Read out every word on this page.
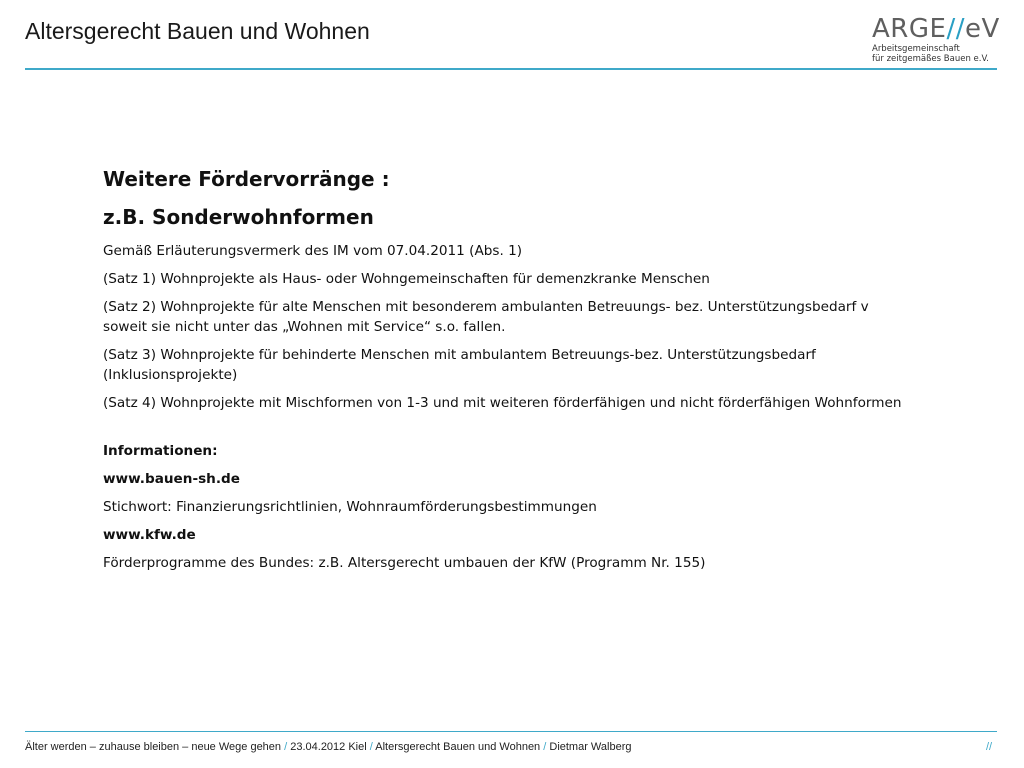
Altersgerecht Bauen und Wohnen	ARGE//eV
Arbeitsgemeinschaft
für zeitgemäßes Bauen e.V.
Weitere Fördervorränge :
z.B. Sonderwohnformen
Gemäß Erläuterungsvermerk des IM vom 07.04.2011 (Abs. 1)
(Satz 1) Wohnprojekte als Haus- oder Wohngemeinschaften für demenzkranke Menschen
(Satz 2) Wohnprojekte für alte Menschen mit besonderem ambulanten Betreuungs- bez. Unterstützungsbedarf v soweit sie nicht unter das „Wohnen mit Service“ s.o. fallen.
(Satz 3) Wohnprojekte für behinderte Menschen mit ambulantem Betreuungs-bez. Unterstützungsbedarf (Inklusionsprojekte)
(Satz 4) Wohnprojekte mit Mischformen von 1-3 und mit weiteren förderfähigen und nicht förderfähigen Wohnformen
Informationen:
www.bauen-sh.de
Stichwort: Finanzierungsrichtlinien, Wohnraumförderungsbestimmungen
www.kfw.de
Förderprogramme des Bundes: z.B. Altersgerecht umbauen der KfW (Programm Nr. 155)
Älter werden – zuhause bleiben – neue Wege gehen / 23.04.2012 Kiel / Altersgerecht Bauen und Wohnen / Dietmar Walberg	//
